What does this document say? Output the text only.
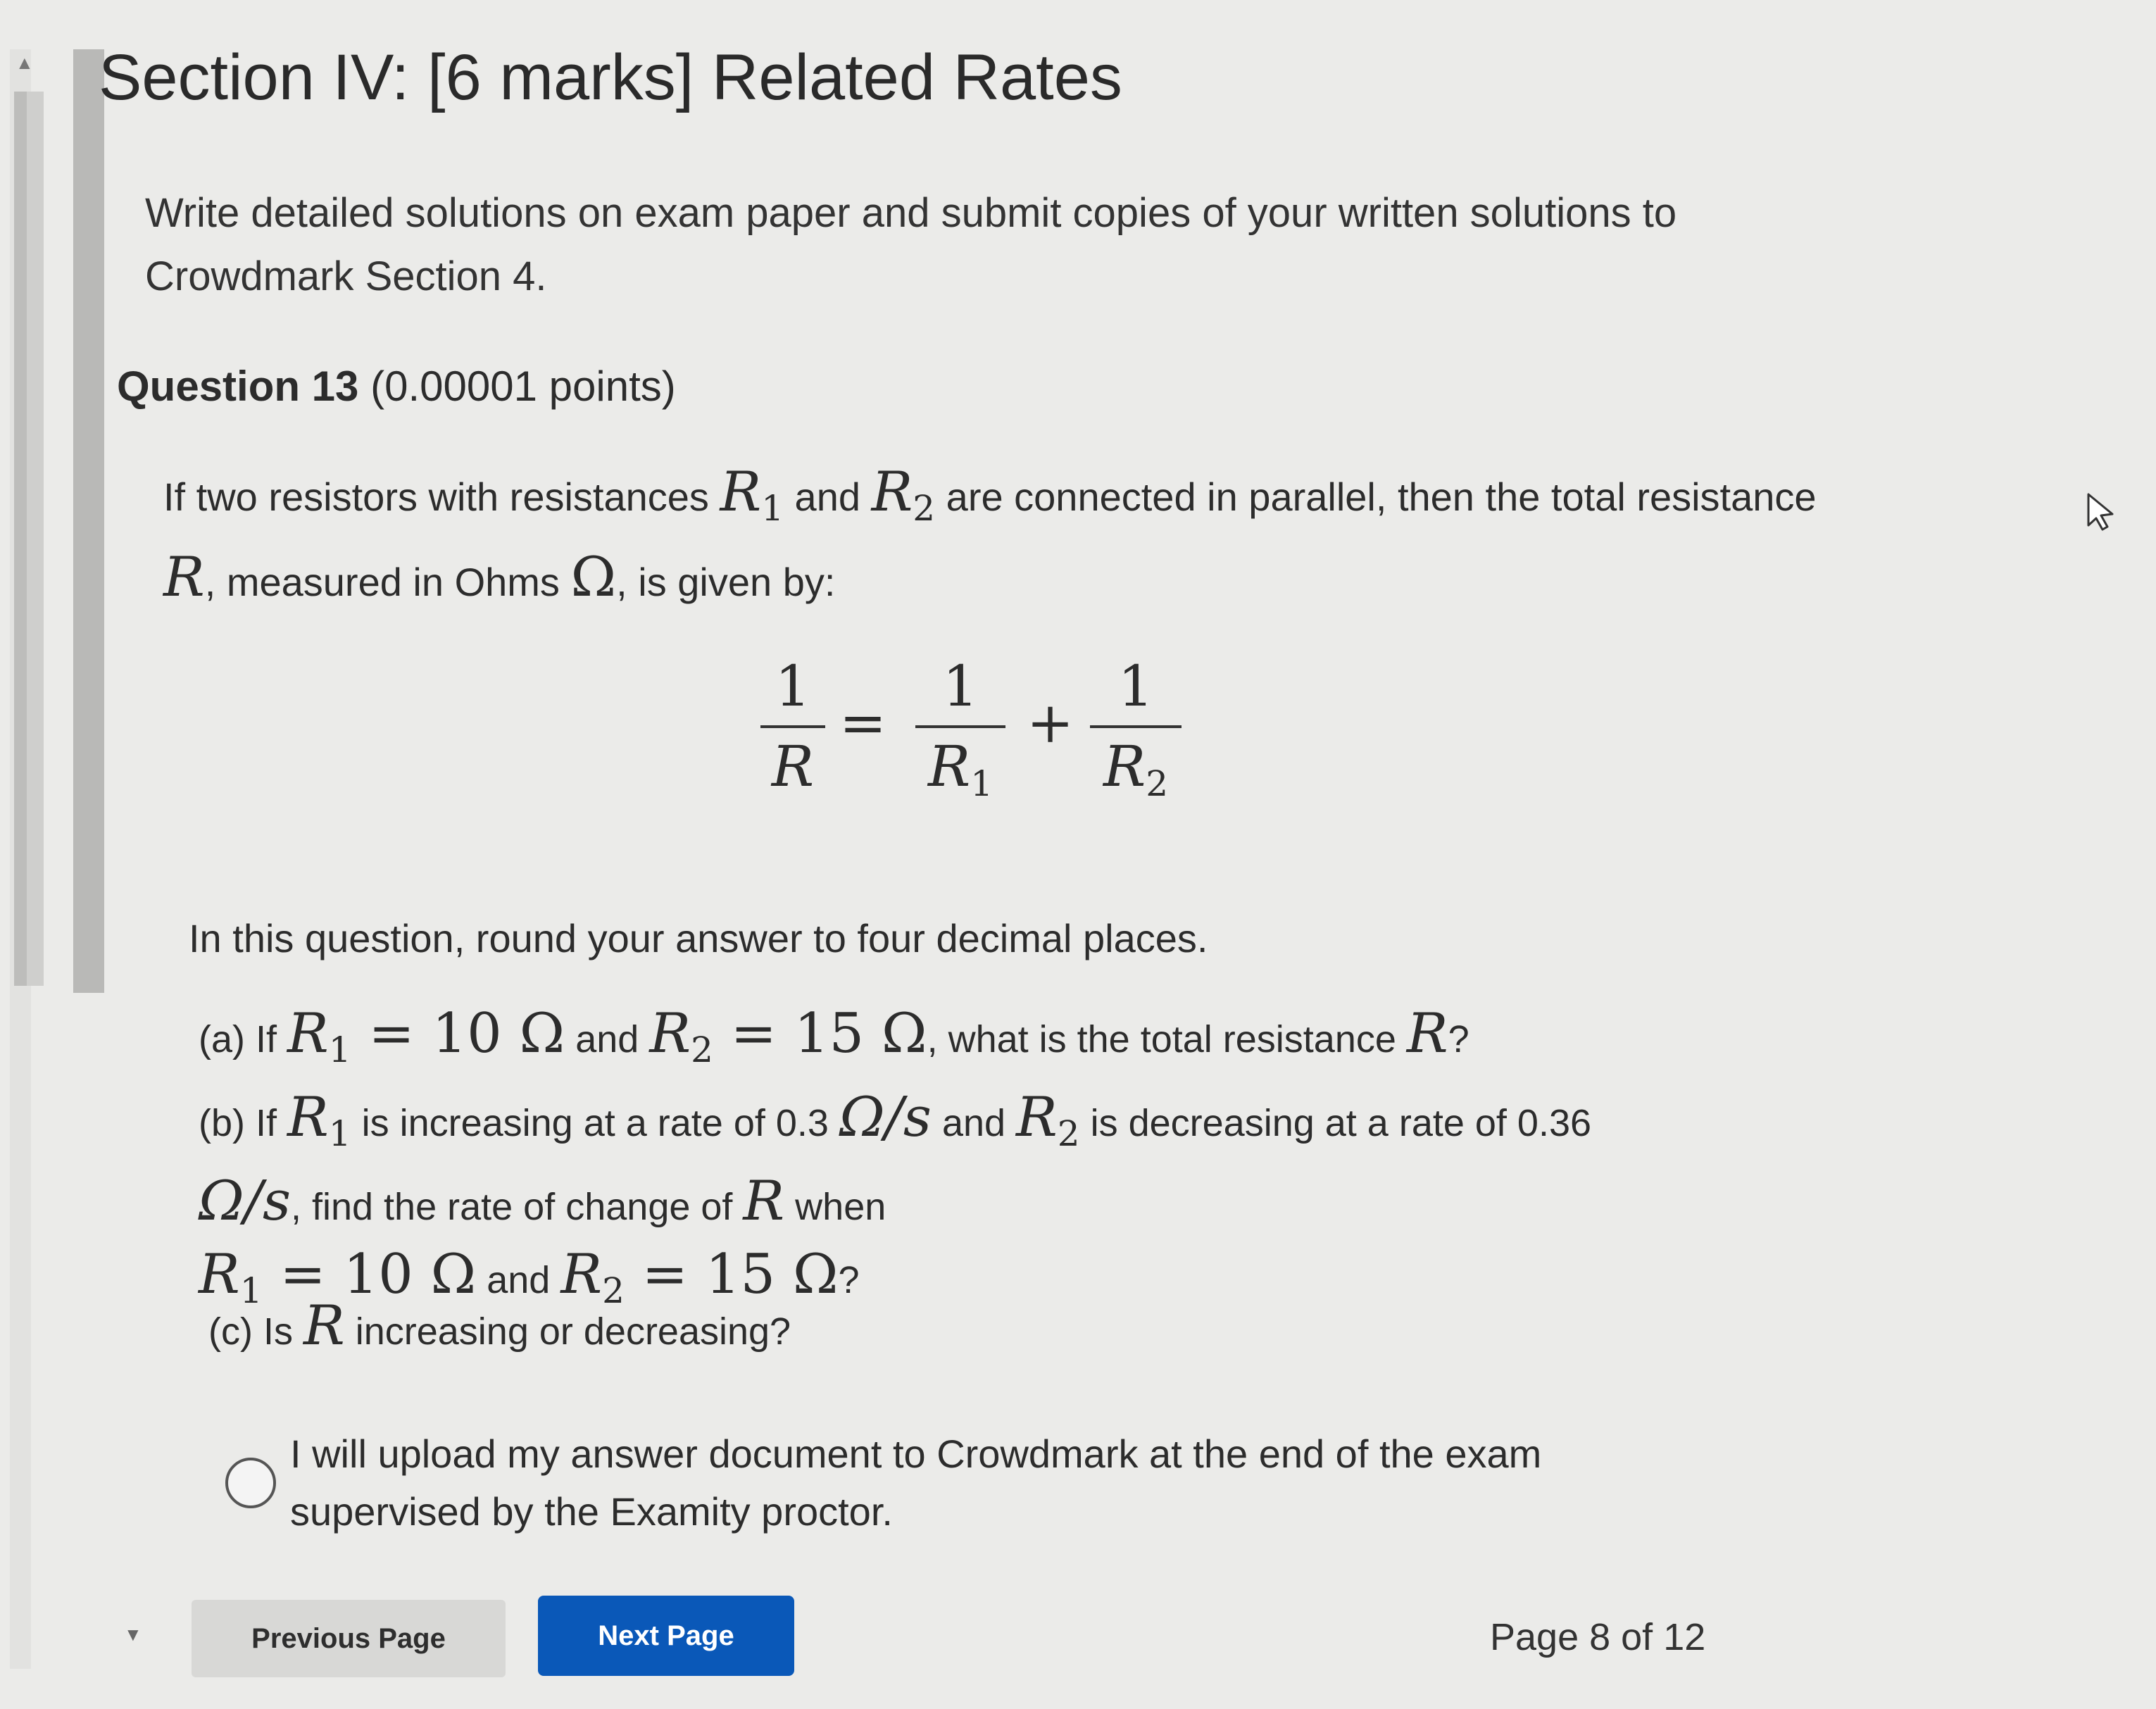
▲ Section IV: [6 marks] Related Rates
Write detailed solutions on exam paper and submit copies of your written solutions to Crowdmark Section 4.
Question 13 (0.00001 points)
If two resistors with resistances $R_1$ and $R_2$ are connected in parallel, then the total resistance R, measured in Ohms Ω, is given by:
1
R
=
1
$R_1$
+
1
$R_2$
In this question, round your answer to four decimal places.

(a) If $R_1 = 10$ Ω and $R_2 = 15$ Ω, what is the total resistance R?

(b) If $R_1$ is increasing at a rate of 0.3 Ω/s and $R_2$ is decreasing at a rate of 0.36 Ω/s, find the rate of change of R when
$R_1 = 10$ Ω and $R_2 = 15$ Ω?

(c) Is R increasing or decreasing?
I will upload my answer document to Crowdmark at the end of the exam supervised by the Examity proctor.
▼	Previous Page	Next Page	Page 8 of 12
